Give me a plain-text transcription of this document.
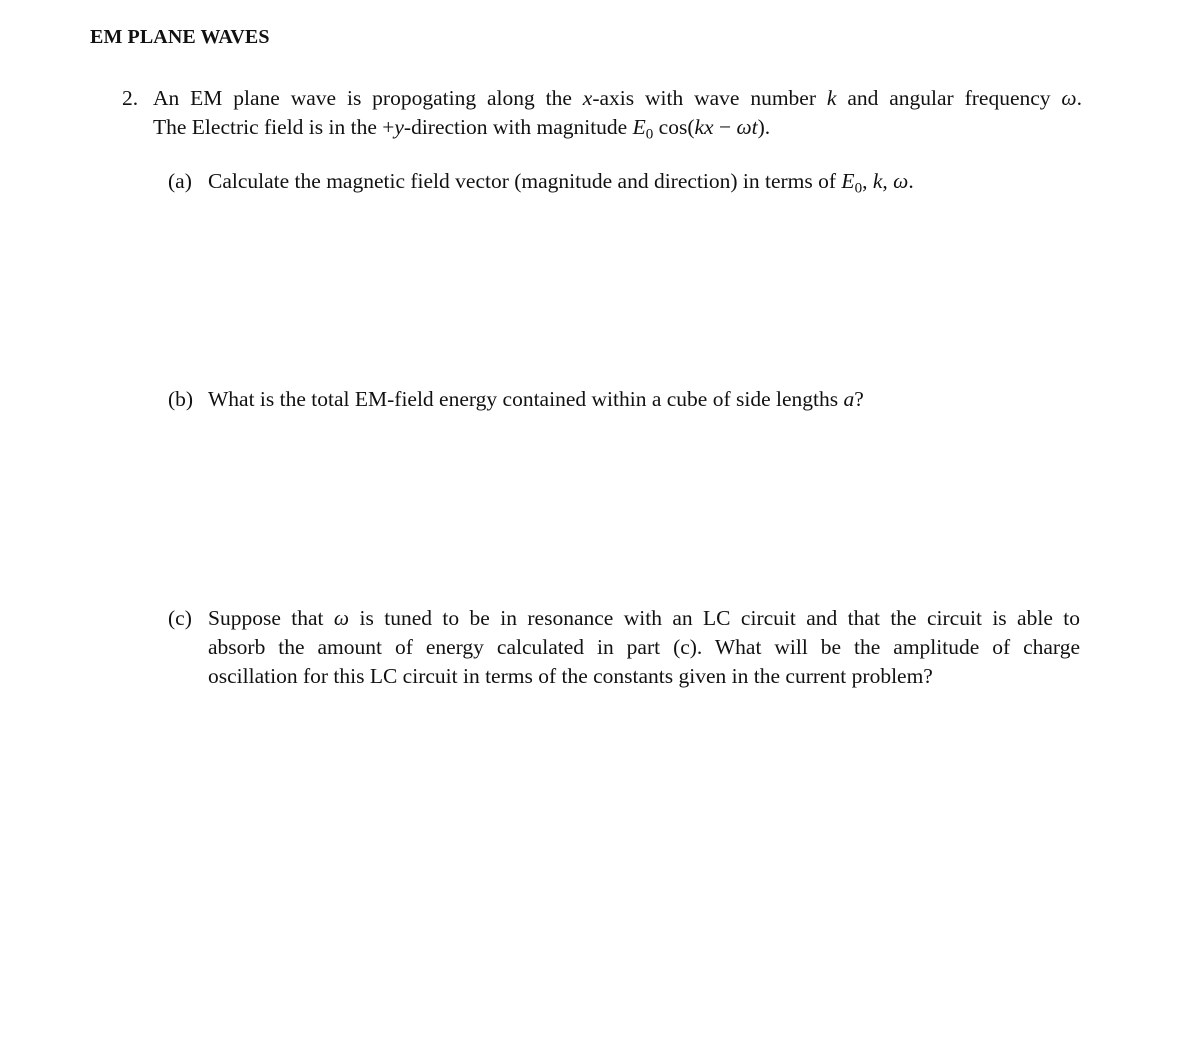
EM PLANE WAVES
2. An EM plane wave is propogating along the x-axis with wave number k and angular frequency ω.
The Electric field is in the +y-direction with magnitude $E_0$ cos(kx − ωt).
(a) Calculate the magnetic field vector (magnitude and direction) in terms of $E_0$, k, ω.
(b) What is the total EM-field energy contained within a cube of side lengths a?
(c) Suppose that ω is tuned to be in resonance with an LC circuit and that the circuit is able to
absorb the amount of energy calculated in part (c). What will be the amplitude of charge
oscillation for this LC circuit in terms of the constants given in the current problem?
